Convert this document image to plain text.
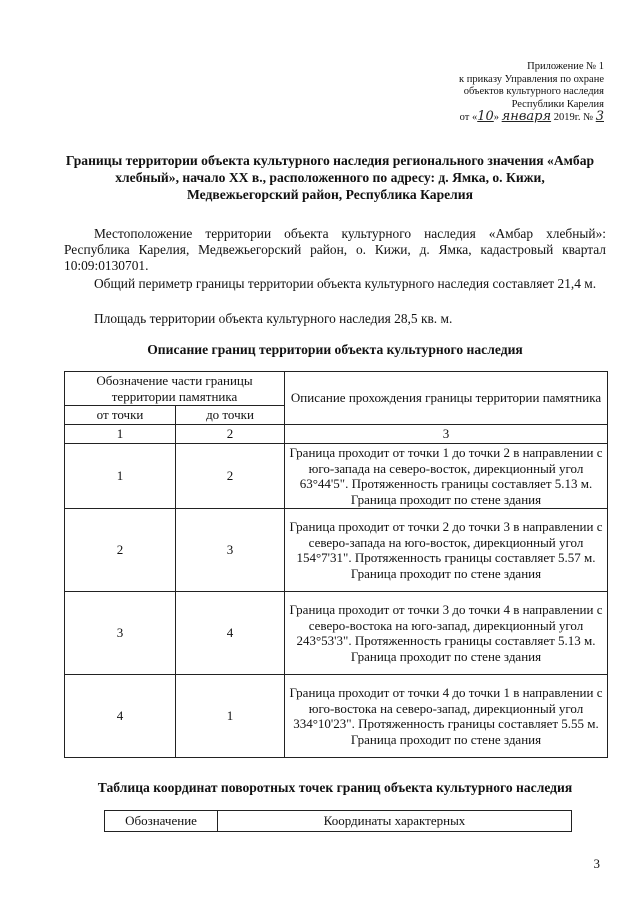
Приложение № 1
к приказу Управления по охране
объектов культурного наследия
Республики Карелия
от «10» января 2019г. № 3
Границы территории объекта культурного наследия регионального значения «Амбар хлебный», начало XX в., расположенного по адресу: д. Ямка, о. Кижи, Медвежьегорский район, Республика Карелия
Местоположение территории объекта культурного наследия «Амбар хлебный»: Республика Карелия, Медвежьегорский район, о. Кижи, д. Ямка, кадастровый квартал 10:09:0130701.
Общий периметр границы территории объекта культурного наследия составляет 21,4 м.
Площадь территории объекта культурного наследия 28,5 кв. м.
Описание границ территории объекта культурного наследия
Обозначение части границы территории памятника		Описание прохождения границы территории памятника
от точки	до точки	
1	2	3
1	2	Граница проходит от точки 1 до точки 2 в направлении с юго-запада на северо-восток, дирекционный угол 63°44'5". Протяженность границы составляет 5.13 м. Граница проходит по стене здания
2	3	Граница проходит от точки 2 до точки 3 в направлении с северо-запада на юго-восток, дирекционный угол 154°7'31". Протяженность границы составляет 5.57 м. Граница проходит по стене здания
3	4	Граница проходит от точки 3 до точки 4 в направлении с северо-востока на юго-запад, дирекционный угол 243°53'3". Протяженность границы составляет 5.13 м. Граница проходит по стене здания
4	1	Граница проходит от точки 4 до точки 1 в направлении с юго-востока на северо-запад, дирекционный угол 334°10'23". Протяженность границы составляет 5.55 м. Граница проходит по стене здания
Таблица координат поворотных точек границ объекта культурного наследия
Обозначение	Координаты характерных
3
